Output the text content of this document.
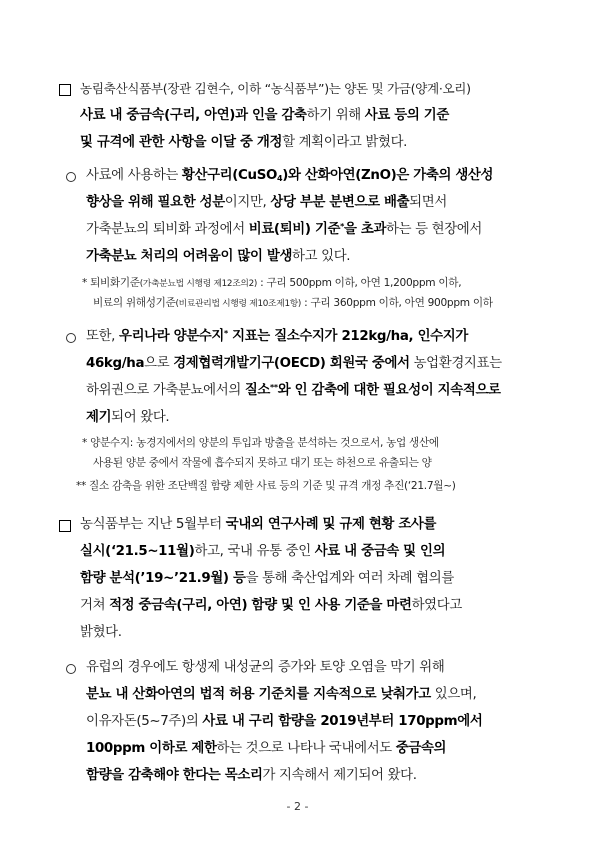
농림축산식품부(장관 김현수, 이하 “농식품부”)는 양돈 및 가금(양계·오리)
사료 내 중금속(구리, 아연)과 인을 감축하기 위해 사료 등의 기준
및 규격에 관한 사항을 이달 중 개정할 계획이라고 밝혔다.
사료에 사용하는 황산구리(CuSO$_4$)와 산화아연(ZnO)은 가축의 생산성
향상을 위해 필요한 성분이지만, 상당 부분 분변으로 배출되면서
가축분뇨의 퇴비화 과정에서 비료(퇴비) 기준*을 초과하는 등 현장에서
가축분뇨 처리의 어려움이 많이 발생하고 있다.
* 퇴비화기준(가축분뇨법 시행령 제12조의2) : 구리 500ppm 이하, 아연 1,200ppm 이하,
비료의 위해성기준(비료관리법 시행령 제10조제1항) : 구리 360ppm 이하, 아연 900ppm 이하
또한, 우리나라 양분수지* 지표는 질소수지가 212kg/ha, 인수지가
46kg/ha으로 경제협력개발기구(OECD) 회원국 중에서 농업환경지표는
하위권으로 가축분뇨에서의 질소**와 인 감축에 대한 필요성이 지속적으로
제기되어 왔다.
* 양분수지: 농경지에서의 양분의 투입과 방출을 분석하는 것으로서, 농업 생산에
사용된 양분 중에서 작물에 흡수되지 못하고 대기 또는 하천으로 유출되는 양
** 질소 감축을 위한 조단백질 함량 제한 사료 등의 기준 및 규격 개정 추진(‘21.7월~)
농식품부는 지난 5월부터 국내외 연구사례 및 규제 현황 조사를
실시(‘21.5~11월)하고, 국내 유통 중인 사료 내 중금속 및 인의
함량 분석(’19~’21.9월) 등을 통해 축산업계와 여러 차례 협의를
거쳐 적정 중금속(구리, 아연) 함량 및 인 사용 기준을 마련하였다고
밝혔다.
유럽의 경우에도 항생제 내성균의 증가와 토양 오염을 막기 위해
분뇨 내 산화아연의 법적 허용 기준치를 지속적으로 낮춰가고 있으며,
이유자돈(5~7주)의 사료 내 구리 함량을 2019년부터 170ppm에서
100ppm 이하로 제한하는 것으로 나타나 국내에서도 중금속의
함량을 감축해야 한다는 목소리가 지속해서 제기되어 왔다.
- 2 -
